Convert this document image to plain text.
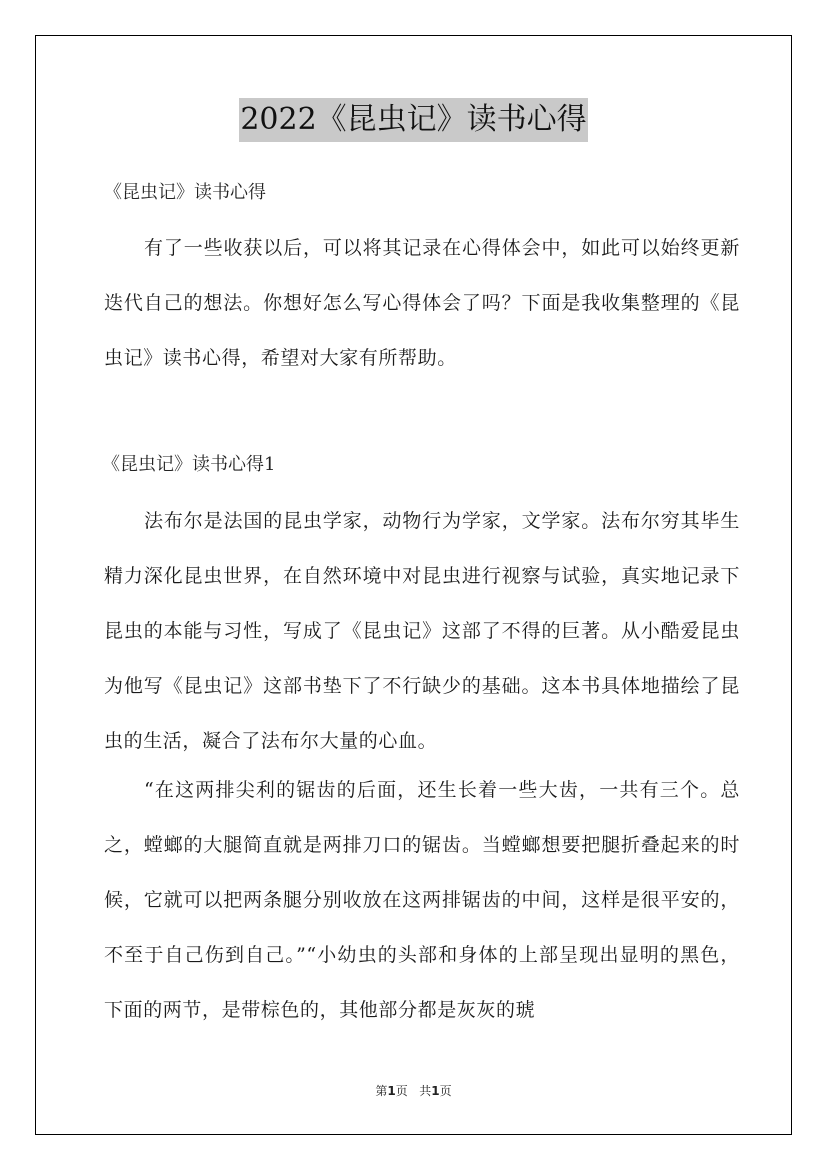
2022《昆虫记》读书心得
《昆虫记》读书心得

有了一些收获以后，可以将其记录在心得体会中，如此可以始终更新迭代自己的想法。你想好怎么写心得体会了吗？下面是我收集整理的《昆虫记》读书心得，希望对大家有所帮助。

《昆虫记》读书心得1

法布尔是法国的昆虫学家，动物行为学家，文学家。法布尔穷其毕生精力深化昆虫世界，在自然环境中对昆虫进行视察与试验，真实地记录下昆虫的本能与习性，写成了《昆虫记》这部了不得的巨著。从小酷爱昆虫为他写《昆虫记》这部书垫下了不行缺少的基础。这本书具体地描绘了昆虫的生活，凝合了法布尔大量的心血。

“在这两排尖利的锯齿的后面，还生长着一些大齿，一共有三个。总之，螳螂的大腿简直就是两排刀口的锯齿。当螳螂想要把腿折叠起来的时候，它就可以把两条腿分别收放在这两排锯齿的中间，这样是很平安的，不至于自己伤到自己。”“小幼虫的头部和身体的上部呈现出显明的黑色，下面的两节，是带棕色的，其他部分都是灰灰的琥

第1页 共1页
